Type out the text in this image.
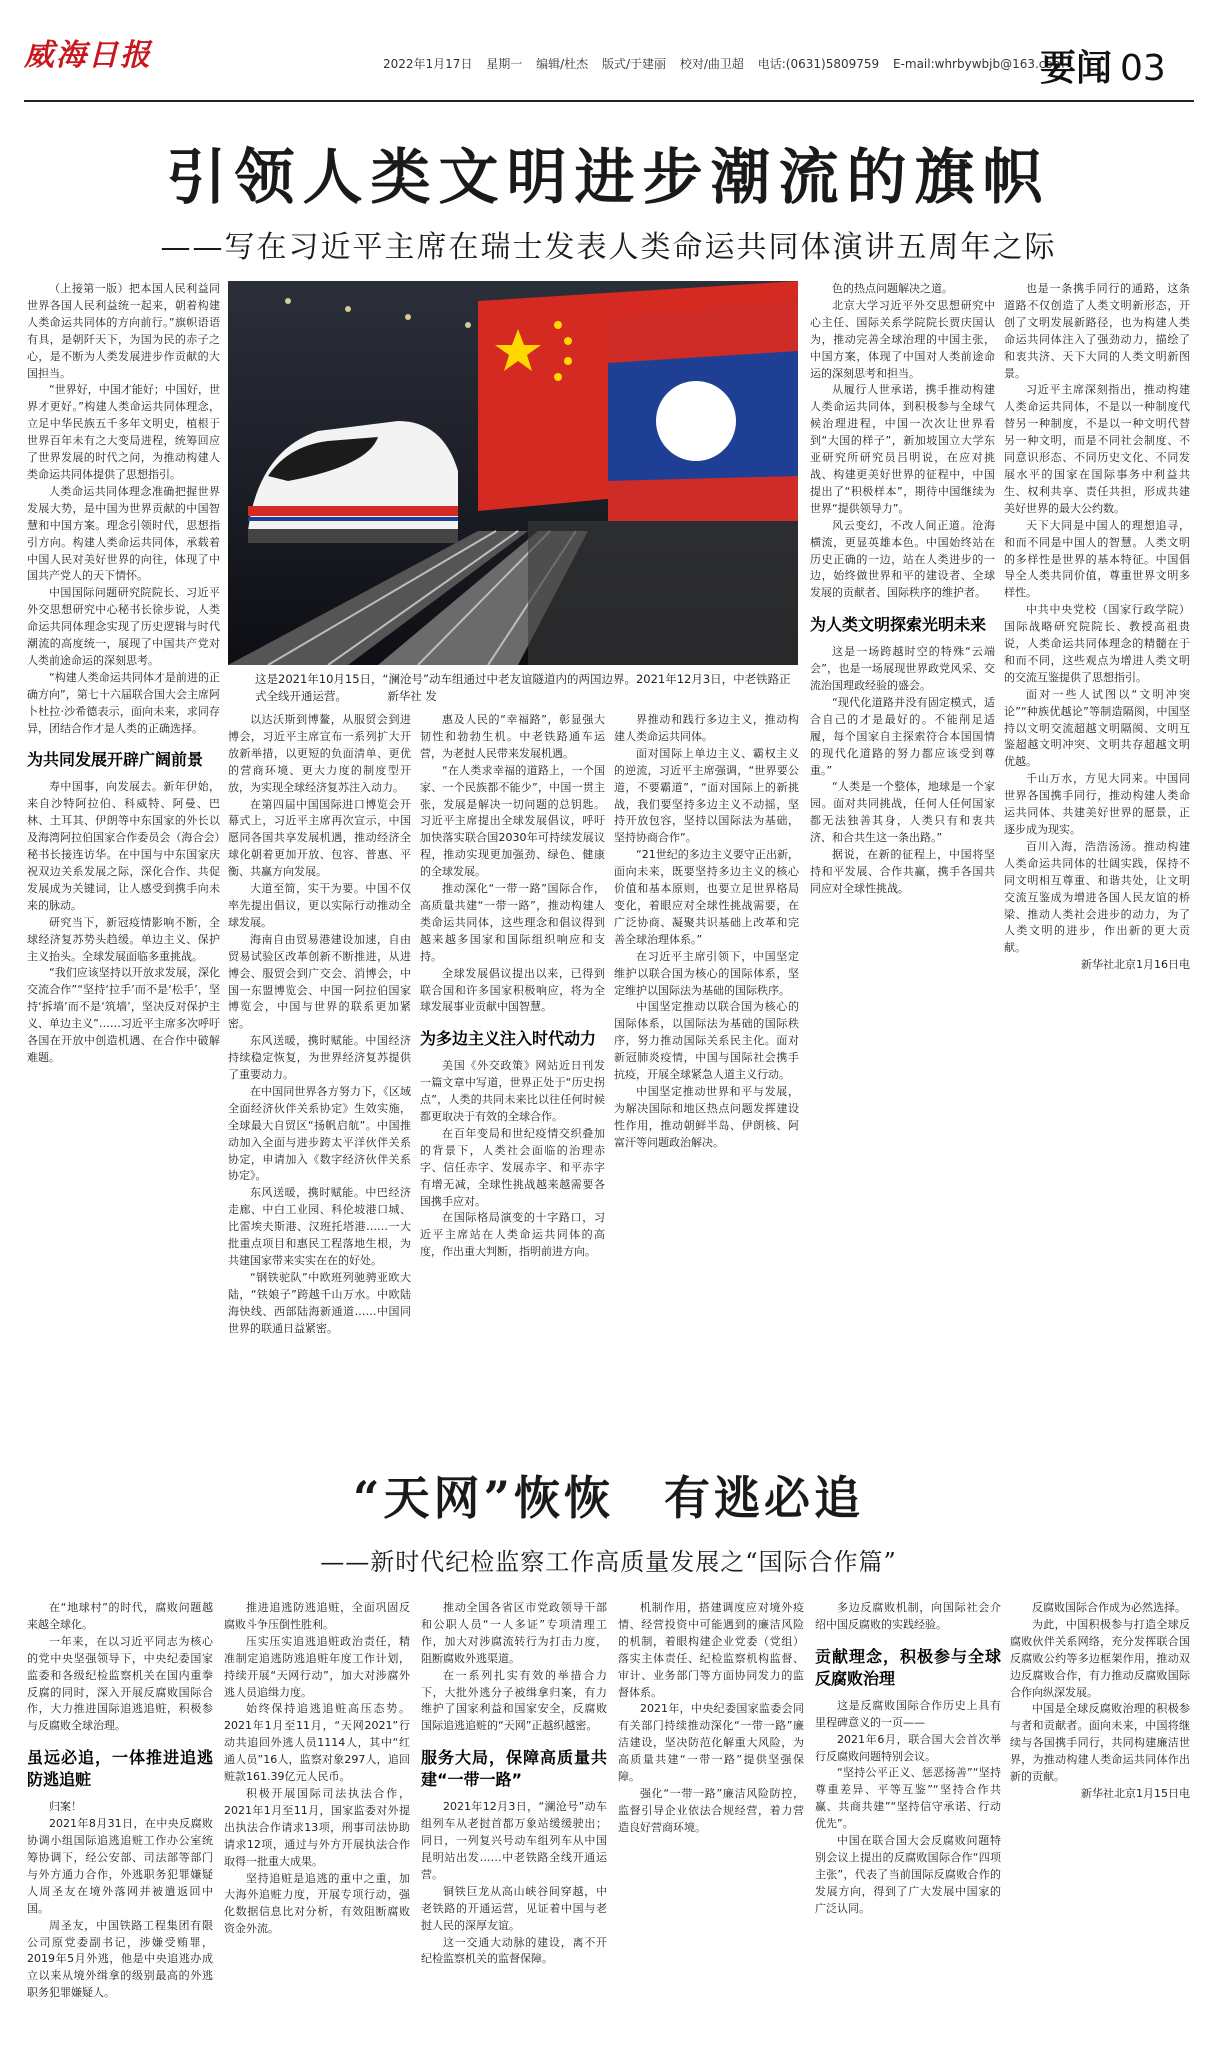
威海日报	2022年1月17日 星期一 编辑/杜杰 版式/于建丽 校对/曲卫超 电话:(0631)5809759 E-mail:whrbywbjb@163.com
要闻 03
引领人类文明进步潮流的旗帜
——写在习近平主席在瑞士发表人类命运共同体演讲五周年之际
这是2021年10月15日，“澜沧号”动车组通过中老友谊隧道内的两国边界。2021年12月3日，中老铁路正式全线开通运营。　　　　新华社 发

（上接第一版）把本国人民利益同世界各国人民利益统一起来，朝着构建人类命运共同体的方向前行。”旗帜语语有具，是朝阡天下，为国为民的赤子之心，是不断为人类发展进步作贡献的大国担当。

“世界好，中国才能好；中国好，世界才更好。”构建人类命运共同体理念，立足中华民族五千多年文明史，植根于世界百年未有之大变局进程，统筹回应了世界发展的时代之问，为推动构建人类命运共同体提供了思想指引。

人类命运共同体理念准确把握世界发展大势，是中国为世界贡献的中国智慧和中国方案。理念引领时代，思想指引方向。构建人类命运共同体，承载着中国人民对美好世界的向往，体现了中国共产党人的天下情怀。

中国国际问题研究院院长、习近平外交思想研究中心秘书长徐步说，人类命运共同体理念实现了历史逻辑与时代潮流的高度统一，展现了中国共产党对人类前途命运的深刻思考。

“构建人类命运共同体才是前进的正确方向”，第七十六届联合国大会主席阿卜杜拉·沙希德表示，面向未来，求同存异，团结合作才是人类的正确选择。

为共同发展开辟广阔前景

寿中国事，向发展去。新年伊始，来自沙特阿拉伯、科威特、阿曼、巴林、土耳其、伊朗等中东国家的外长以及海湾阿拉伯国家合作委员会（海合会）秘书长接连访华。在中国与中东国家庆祝双边关系发展之际，深化合作、共促发展成为关键词，让人感受到携手向未来的脉动。

研究当下，新冠疫情影响不断，全球经济复苏势头趋缓。单边主义、保护主义抬头。全球发展面临多重挑战。

“我们应该坚持以开放求发展，深化交流合作”“坚持‘拉手’而不是‘松手’，坚持‘拆墙’而不是‘筑墙’，坚决反对保护主义、单边主义”……习近平主席多次呼吁各国在开放中创造机遇、在合作中破解难题。

以达沃斯到博鳌，从服贸会到进博会，习近平主席宣布一系列扩大开放新举措，以更短的负面清单、更优的营商环境、更大力度的制度型开放，为实现全球经济复苏注入动力。

在第四届中国国际进口博览会开幕式上，习近平主席再次宣示，中国愿同各国共享发展机遇，推动经济全球化朝着更加开放、包容、普惠、平衡、共赢方向发展。

大道至简，实干为要。中国不仅率先提出倡议，更以实际行动推动全球发展。

海南自由贸易港建设加速，自由贸易试验区改革创新不断推进，从进博会、服贸会到广交会、消博会，中国一东盟博览会、中国一阿拉伯国家博览会，中国与世界的联系更加紧密。

东风送暖，携时赋能。中国经济持续稳定恢复，为世界经济复苏提供了重要动力。

在中国同世界各方努力下，《区域全面经济伙伴关系协定》生效实施，全球最大自贸区“扬帆启航”。中国推动加入全面与进步跨太平洋伙伴关系协定，申请加入《数字经济伙伴关系协定》。

东风送暖，携时赋能。中巴经济走廊、中白工业园、科伦坡港口城、比雷埃夫斯港、汉班托塔港……一大批重点项目和惠民工程落地生根，为共建国家带来实实在在的好处。

“钢铁驼队”中欧班列驰骋亚欧大陆，“铁娘子”跨越千山万水。中欧陆海快线、西部陆海新通道……中国同世界的联通日益紧密。

惠及人民的“幸福路”，彰显强大韧性和勃勃生机。中老铁路通车运营，为老挝人民带来发展机遇。

“在人类求幸福的道路上，一个国家、一个民族都不能少”，中国一贯主张，发展是解决一切问题的总钥匙。习近平主席提出全球发展倡议，呼吁加快落实联合国2030年可持续发展议程，推动实现更加强劲、绿色、健康的全球发展。

推动深化“一带一路”国际合作，高质量共建“一带一路”，推动构建人类命运共同体，这些理念和倡议得到越来越多国家和国际组织响应和支持。

全球发展倡议提出以来，已得到联合国和许多国家积极响应，将为全球发展事业贡献中国智慧。

为多边主义注入时代动力

美国《外交政策》网站近日刊发一篇文章中写道，世界正处于“历史拐点”，人类的共同未来比以往任何时候都更取决于有效的全球合作。

在百年变局和世纪疫情交织叠加的背景下，人类社会面临的治理赤字、信任赤字、发展赤字、和平赤字有增无减，全球性挑战越来越需要各国携手应对。

在国际格局演变的十字路口，习近平主席站在人类命运共同体的高度，作出重大判断，指明前进方向。

界推动和践行多边主义，推动构建人类命运共同体。

面对国际上单边主义、霸权主义的逆流，习近平主席强调，“世界要公道，不要霸道”，“面对国际上的新挑战，我们要坚持多边主义不动摇，坚持开放包容，坚持以国际法为基础，坚持协商合作”。

“21世纪的多边主义要守正出新，面向未来，既要坚持多边主义的核心价值和基本原则，也要立足世界格局变化，着眼应对全球性挑战需要，在广泛协商、凝聚共识基础上改革和完善全球治理体系。”

在习近平主席引领下，中国坚定维护以联合国为核心的国际体系，坚定维护以国际法为基础的国际秩序。

中国坚定推动以联合国为核心的国际体系，以国际法为基础的国际秩序，努力推动国际关系民主化。面对新冠肺炎疫情，中国与国际社会携手抗疫，开展全球紧急人道主义行动。

中国坚定推动世界和平与发展，为解决国际和地区热点问题发挥建设性作用，推动朝鲜半岛、伊朗核、阿富汗等问题政治解决。

色的热点问题解决之道。

北京大学习近平外交思想研究中心主任、国际关系学院院长贾庆国认为，推动完善全球治理的中国主张，中国方案，体现了中国对人类前途命运的深刻思考和担当。

从履行人世承诺，携手推动构建人类命运共同体，到积极参与全球气候治理进程，中国一次次让世界看到“大国的样子”，新加坡国立大学东亚研究所研究员吕明说，在应对挑战、构建更美好世界的征程中，中国提出了“积极样本”，期待中国继续为世界“提供领导力”。

风云变幻，不改人间正道。沧海横流，更显英雄本色。中国始终站在历史正确的一边，站在人类进步的一边，始终做世界和平的建设者、全球发展的贡献者、国际秩序的维护者。

为人类文明探索光明未来

这是一场跨越时空的特殊“云端会”，也是一场展现世界政党风采、交流治国理政经验的盛会。

“现代化道路并没有固定模式，适合自己的才是最好的。不能削足适履，每个国家自主探索符合本国国情的现代化道路的努力都应该受到尊重。”

“人类是一个整体，地球是一个家园。面对共同挑战，任何人任何国家都无法独善其身，人类只有和衷共济、和合共生这一条出路。”

据说，在新的征程上，中国将坚持和平发展、合作共赢，携手各国共同应对全球性挑战。

也是一条携手同行的通路，这条道路不仅创造了人类文明新形态，开创了文明发展新路径，也为构建人类命运共同体注入了强劲动力，描绘了和衷共济、天下大同的人类文明新图景。

习近平主席深刻指出，推动构建人类命运共同体，不是以一种制度代替另一种制度，不是以一种文明代替另一种文明，而是不同社会制度、不同意识形态、不同历史文化、不同发展水平的国家在国际事务中利益共生、权利共享、责任共担，形成共建美好世界的最大公约数。

天下大同是中国人的理想追寻，和而不同是中国人的智慧。人类文明的多样性是世界的基本特征。中国倡导全人类共同价值，尊重世界文明多样性。

中共中央党校（国家行政学院）国际战略研究院院长、教授高祖贵说，人类命运共同体理念的精髓在于和而不同，这些观点为增进人类文明的交流互鉴提供了思想指引。

面对一些人试图以“文明冲突论”“种族优越论”等制造隔阂，中国坚持以文明交流超越文明隔阂、文明互鉴超越文明冲突、文明共存超越文明优越。

千山万水，方见大同来。中国同世界各国携手同行，推动构建人类命运共同体、共建美好世界的愿景，正逐步成为现实。

百川入海，浩浩汤汤。推动构建人类命运共同体的壮阔实践，保持不同文明相互尊重、和谐共处，让文明交流互鉴成为增进各国人民友谊的桥梁、推动人类社会进步的动力，为了人类文明的进步，作出新的更大贡献。

新华社北京1月16日电

“天网”恢恢　有逃必追
——新时代纪检监察工作高质量发展之“国际合作篇”

在“地球村”的时代，腐败问题越来越全球化。

一年来，在以习近平同志为核心的党中央坚强领导下，中央纪委国家监委和各级纪检监察机关在国内重拳反腐的同时，深入开展反腐败国际合作，大力推进国际追逃追赃，积极参与反腐败全球治理。

虽远必追，一体推进追逃防逃追赃

归案！

2021年8月31日，在中央反腐败协调小组国际追逃追赃工作办公室统筹协调下，经公安部、司法部等部门与外方通力合作，外逃职务犯罪嫌疑人周圣友在境外落网并被遣返回中国。

周圣友，中国铁路工程集团有限公司原党委副书记，涉嫌受贿罪，2019年5月外逃，他是中央追逃办成立以来从境外缉拿的级别最高的外逃职务犯罪嫌疑人。

推进追逃防逃追赃，全面巩固反腐败斗争压倒性胜利。

压实压实追逃追赃政治责任，精准制定追逃防逃追赃年度工作计划，持续开展“天网行动”，加大对涉腐外逃人员追缉力度。

始终保持追逃追赃高压态势。2021年1月至11月，“天网2021”行动共追回外逃人员1114人，其中“红通人员”16人，监察对象297人，追回赃款161.39亿元人民币。

积极开展国际司法执法合作，2021年1月至11月，国家监委对外提出执法合作请求13项，刑事司法协助请求12项，通过与外方开展执法合作取得一批重大成果。

坚持追赃是追逃的重中之重，加大海外追赃力度，开展专项行动，强化数据信息比对分析，有效阻断腐败资金外流。

推动全国各省区市党政领导干部和公职人员“一人多证”专项清理工作，加大对涉腐流转行为打击力度，阻断腐败外逃渠道。

在一系列扎实有效的举措合力下，大批外逃分子被缉拿归案，有力维护了国家利益和国家安全，反腐败国际追逃追赃的“天网”正越织越密。

服务大局，保障高质量共建“一带一路”

2021年12月3日，“澜沧号”动车组列车从老挝首都万象站缓缓驶出；同日，一列复兴号动车组列车从中国昆明站出发……中老铁路全线开通运营。

铜铁巨龙从高山峡谷间穿越，中老铁路的开通运营，见证着中国与老挝人民的深厚友谊。

这一交通大动脉的建设，离不开纪检监察机关的监督保障。

机制作用，搭建调度应对境外疫情、经营投资中可能遇到的廉洁风险的机制，着眼构建企业党委（党组）落实主体责任、纪检监察机构监督、审计、业务部门等方面协同发力的监督体系。

2021年，中央纪委国家监委会同有关部门持续推动深化“一带一路”廉洁建设，坚决防范化解重大风险，为高质量共建“一带一路”提供坚强保障。

强化“一带一路”廉洁风险防控，监督引导企业依法合规经营，着力营造良好营商环境。

多边反腐败机制，向国际社会介绍中国反腐败的实践经验。

贡献理念，积极参与全球反腐败治理

这是反腐败国际合作历史上具有里程碑意义的一页——

2021年6月，联合国大会首次举行反腐败问题特别会议。

“坚持公平正义、惩恶扬善”“坚持尊重差异、平等互鉴”“坚持合作共赢、共商共建”“坚持信守承诺、行动优先”。

中国在联合国大会反腐败问题特别会议上提出的反腐败国际合作“四项主张”，代表了当前国际反腐败合作的发展方向，得到了广大发展中国家的广泛认同。

反腐败国际合作成为必然选择。

为此，中国积极参与打造全球反腐败伙伴关系网络，充分发挥联合国反腐败公约等多边框架作用，推动双边反腐败合作，有力推动反腐败国际合作向纵深发展。

中国是全球反腐败治理的积极参与者和贡献者。面向未来，中国将继续与各国携手同行，共同构建廉洁世界，为推动构建人类命运共同体作出新的贡献。

新华社北京1月15日电
